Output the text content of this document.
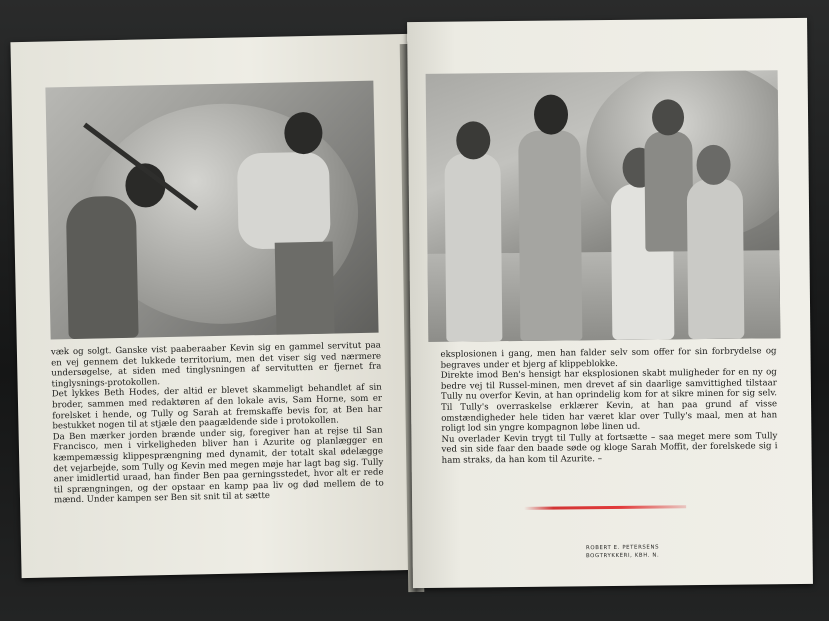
væk og solgt. Ganske vist paaberaaber Kevin sig en gammel servitut paa en vej gennem det lukkede territorium, men det viser sig ved nærmere undersøgelse, at siden med tinglysningen af servitutten er fjernet fra tinglysnings-protokollen.
Det lykkes Beth Hodes, der altid er blevet skammeligt behandlet af sin broder, sammen med redaktøren af den lokale avis, Sam Horne, som er forelsket i hende, og Tully og Sarah at fremskaffe bevis for, at Ben har bestukket nogen til at stjæle den paagældende side i protokollen.
Da Ben mærker jorden brænde under sig, foregiver han at rejse til San Francisco, men i virkeligheden bliver han i Azurite og planlægger en kæmpemæssig klippesprængning med dynamit, der totalt skal ødelægge det vejarbejde, som Tully og Kevin med megen møje har lagt bag sig. Tully aner imidlertid uraad, han finder Ben paa gerningsstedet, hvor alt er rede til sprængningen, og der opstaar en kamp paa liv og død mellem de to mænd. Under kampen ser Ben sit snit til at sætte

eksplosionen i gang, men han falder selv som offer for sin forbrydelse og begraves under et bjerg af klippeblokke.
Direkte imod Ben's hensigt har eksplosionen skabt muligheder for en ny og bedre vej til Russel-minen, men drevet af sin daarlige samvittighed tilstaar Tully nu overfor Kevin, at han oprindelig kom for at sikre minen for sig selv. Til Tully's overraskelse erklærer Kevin, at han paa grund af visse omstændigheder hele tiden har været klar over Tully's maal, men at han roligt lod sin yngre kompagnon løbe linen ud.
Nu overlader Kevin trygt til Tully at fortsætte – saa meget mere som Tully ved sin side faar den baade søde og kloge Sarah Moffit, der forelskede sig i ham straks, da han kom til Azurite. –

ROBERT E. PETERSENS
BOGTRYKKERI, KBH. N.
